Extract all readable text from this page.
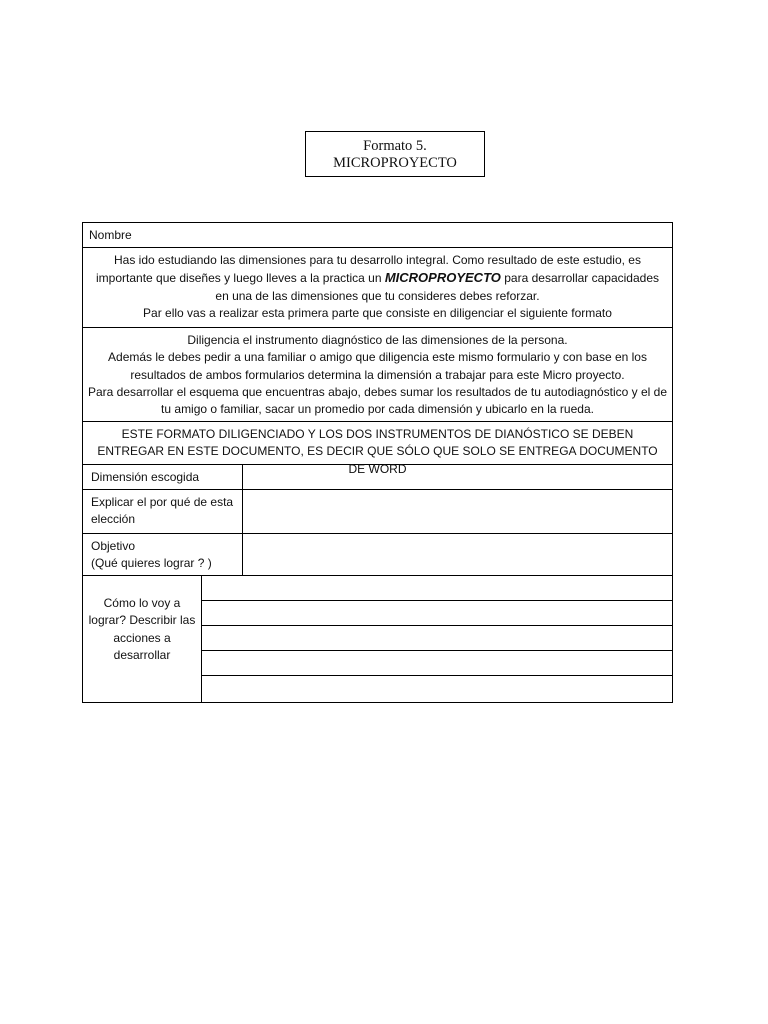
Formato 5.
MICROPROYECTO
Nombre

Has ido estudiando las dimensiones para tu desarrollo integral. Como resultado de este estudio, es importante que diseñes y luego lleves a la practica un MICROPROYECTO para desarrollar capacidades en una de las dimensiones que tu consideres debes reforzar.

Par ello vas a realizar esta primera parte que consiste en diligenciar el siguiente formato

Diligencia el instrumento diagnóstico de las dimensiones de la persona.

Además le debes pedir a una familiar o amigo que diligencia este mismo formulario y con base en los resultados de ambos formularios determina la dimensión a trabajar para este Micro proyecto.

Para desarrollar el esquema que encuentras abajo, debes sumar los resultados de tu autodiagnóstico y el de tu amigo o familiar, sacar un promedio por cada dimensión y ubicarlo en la rueda.

ESTE FORMATO DILIGENCIADO Y LOS DOS INSTRUMENTOS DE DIANÓSTICO SE DEBEN ENTREGAR EN ESTE DOCUMENTO, ES DECIR QUE SÓLO QUE SOLO SE ENTREGA DOCUMENTO DE WORD
Dimensión escogida
Explicar el por qué de esta elección
Objetivo
(Qué quieres lograr ? )
Cómo lo voy a lograr? Describir las acciones a desarrollar
